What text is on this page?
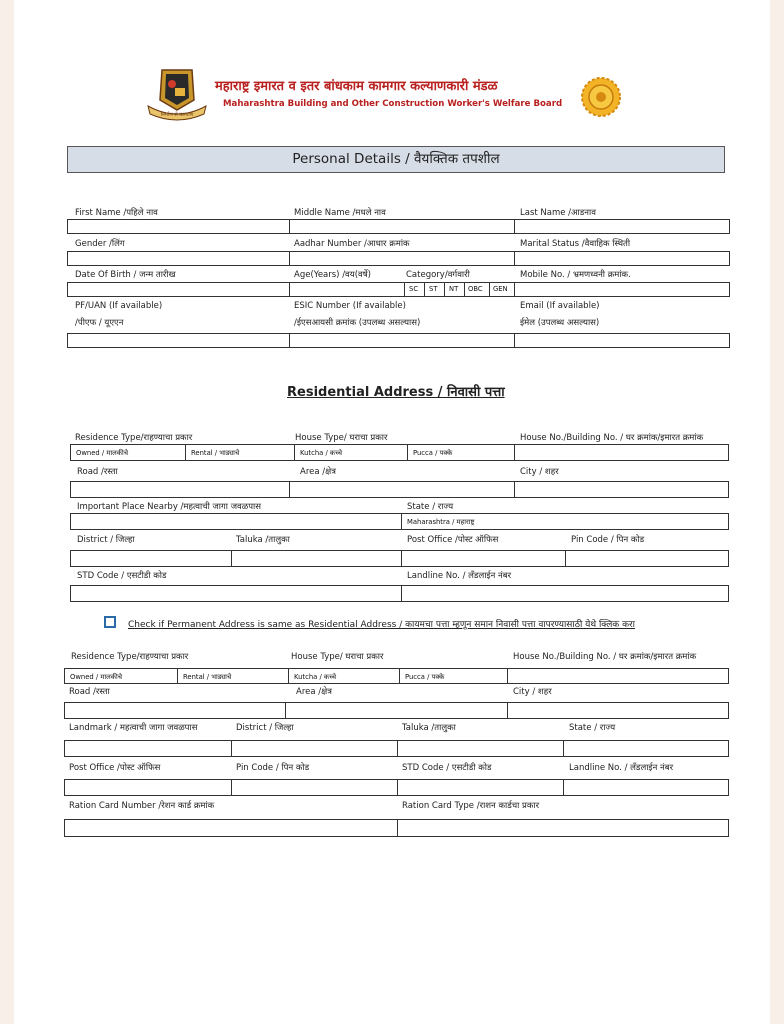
निर्माण से कल्याण
महाराष्ट्र इमारत व इतर बांधकाम कामगार कल्याणकारी मंडळ
Maharashtra Building and Other Construction Worker's Welfare Board
Personal Details / वैयक्तिक तपशील
First Name /पहिले नाव	Middle Name /मधले नाव	Last Name /आडनाव
Gender /लिंग	Aadhar Number /आधार क्रमांक	Marital Status /वैवाहिक स्थिती
Date Of Birth / जन्म तारीख	Age(Years) /वय(वर्षे)	Category/वर्गवारी	Mobile No. / भ्रमणध्वनी क्रमांक.
SC ST NT OBC GEN
PF/UAN (If available)
/पीएफ / यूएएन
ESIC Number (If available)
/ईएसआयसी क्रमांक (उपलब्ध असल्यास)
Email (If available)
ईमेल (उपलब्ध असल्यास)
Residential Address / निवासी पत्ता
Residence Type/राहण्याचा प्रकार	House Type/ घराचा प्रकार	House No./Building No. / घर क्रमांक/इमारत क्रमांक
Owned / मालकीचे	Rental / भाड्याचे	Kutcha / कच्चे	Pucca / पक्के
Road /रस्ता	Area /क्षेत्र	City / शहर
Important Place Nearby /महत्वाची जागा जवळपास	State / राज्य
Maharashtra / महाराष्ट्र
District / जिल्हा	Taluka /तालुका	Post Office /पोस्ट ऑफिस	Pin Code / पिन कोड
STD Code / एसटीडी कोड	Landline No. / लँडलाईन नंबर
Check if Permanent Address is same as Residential Address / कायमचा पत्ता म्हणून समान निवासी पत्ता वापरण्यासाठी येथे क्लिक करा
Residence Type/राहण्याचा प्रकार	House Type/ घराचा प्रकार	House No./Building No. / घर क्रमांक/इमारत क्रमांक
Owned / मालकीचे	Rental / भाड्याचे	Kutcha / कच्चे	Pucca / पक्के
Road /रस्ता	Area /क्षेत्र	City / शहर
Landmark / महत्वाची जागा जवळपास	District / जिल्हा	Taluka /तालुका	State / राज्य
Post Office /पोस्ट ऑफिस	Pin Code / पिन कोड	STD Code / एसटीडी कोड	Landline No. / लँडलाईन नंबर
Ration Card Number /रेशन कार्ड क्रमांक	Ration Card Type /राशन कार्डचा प्रकार
